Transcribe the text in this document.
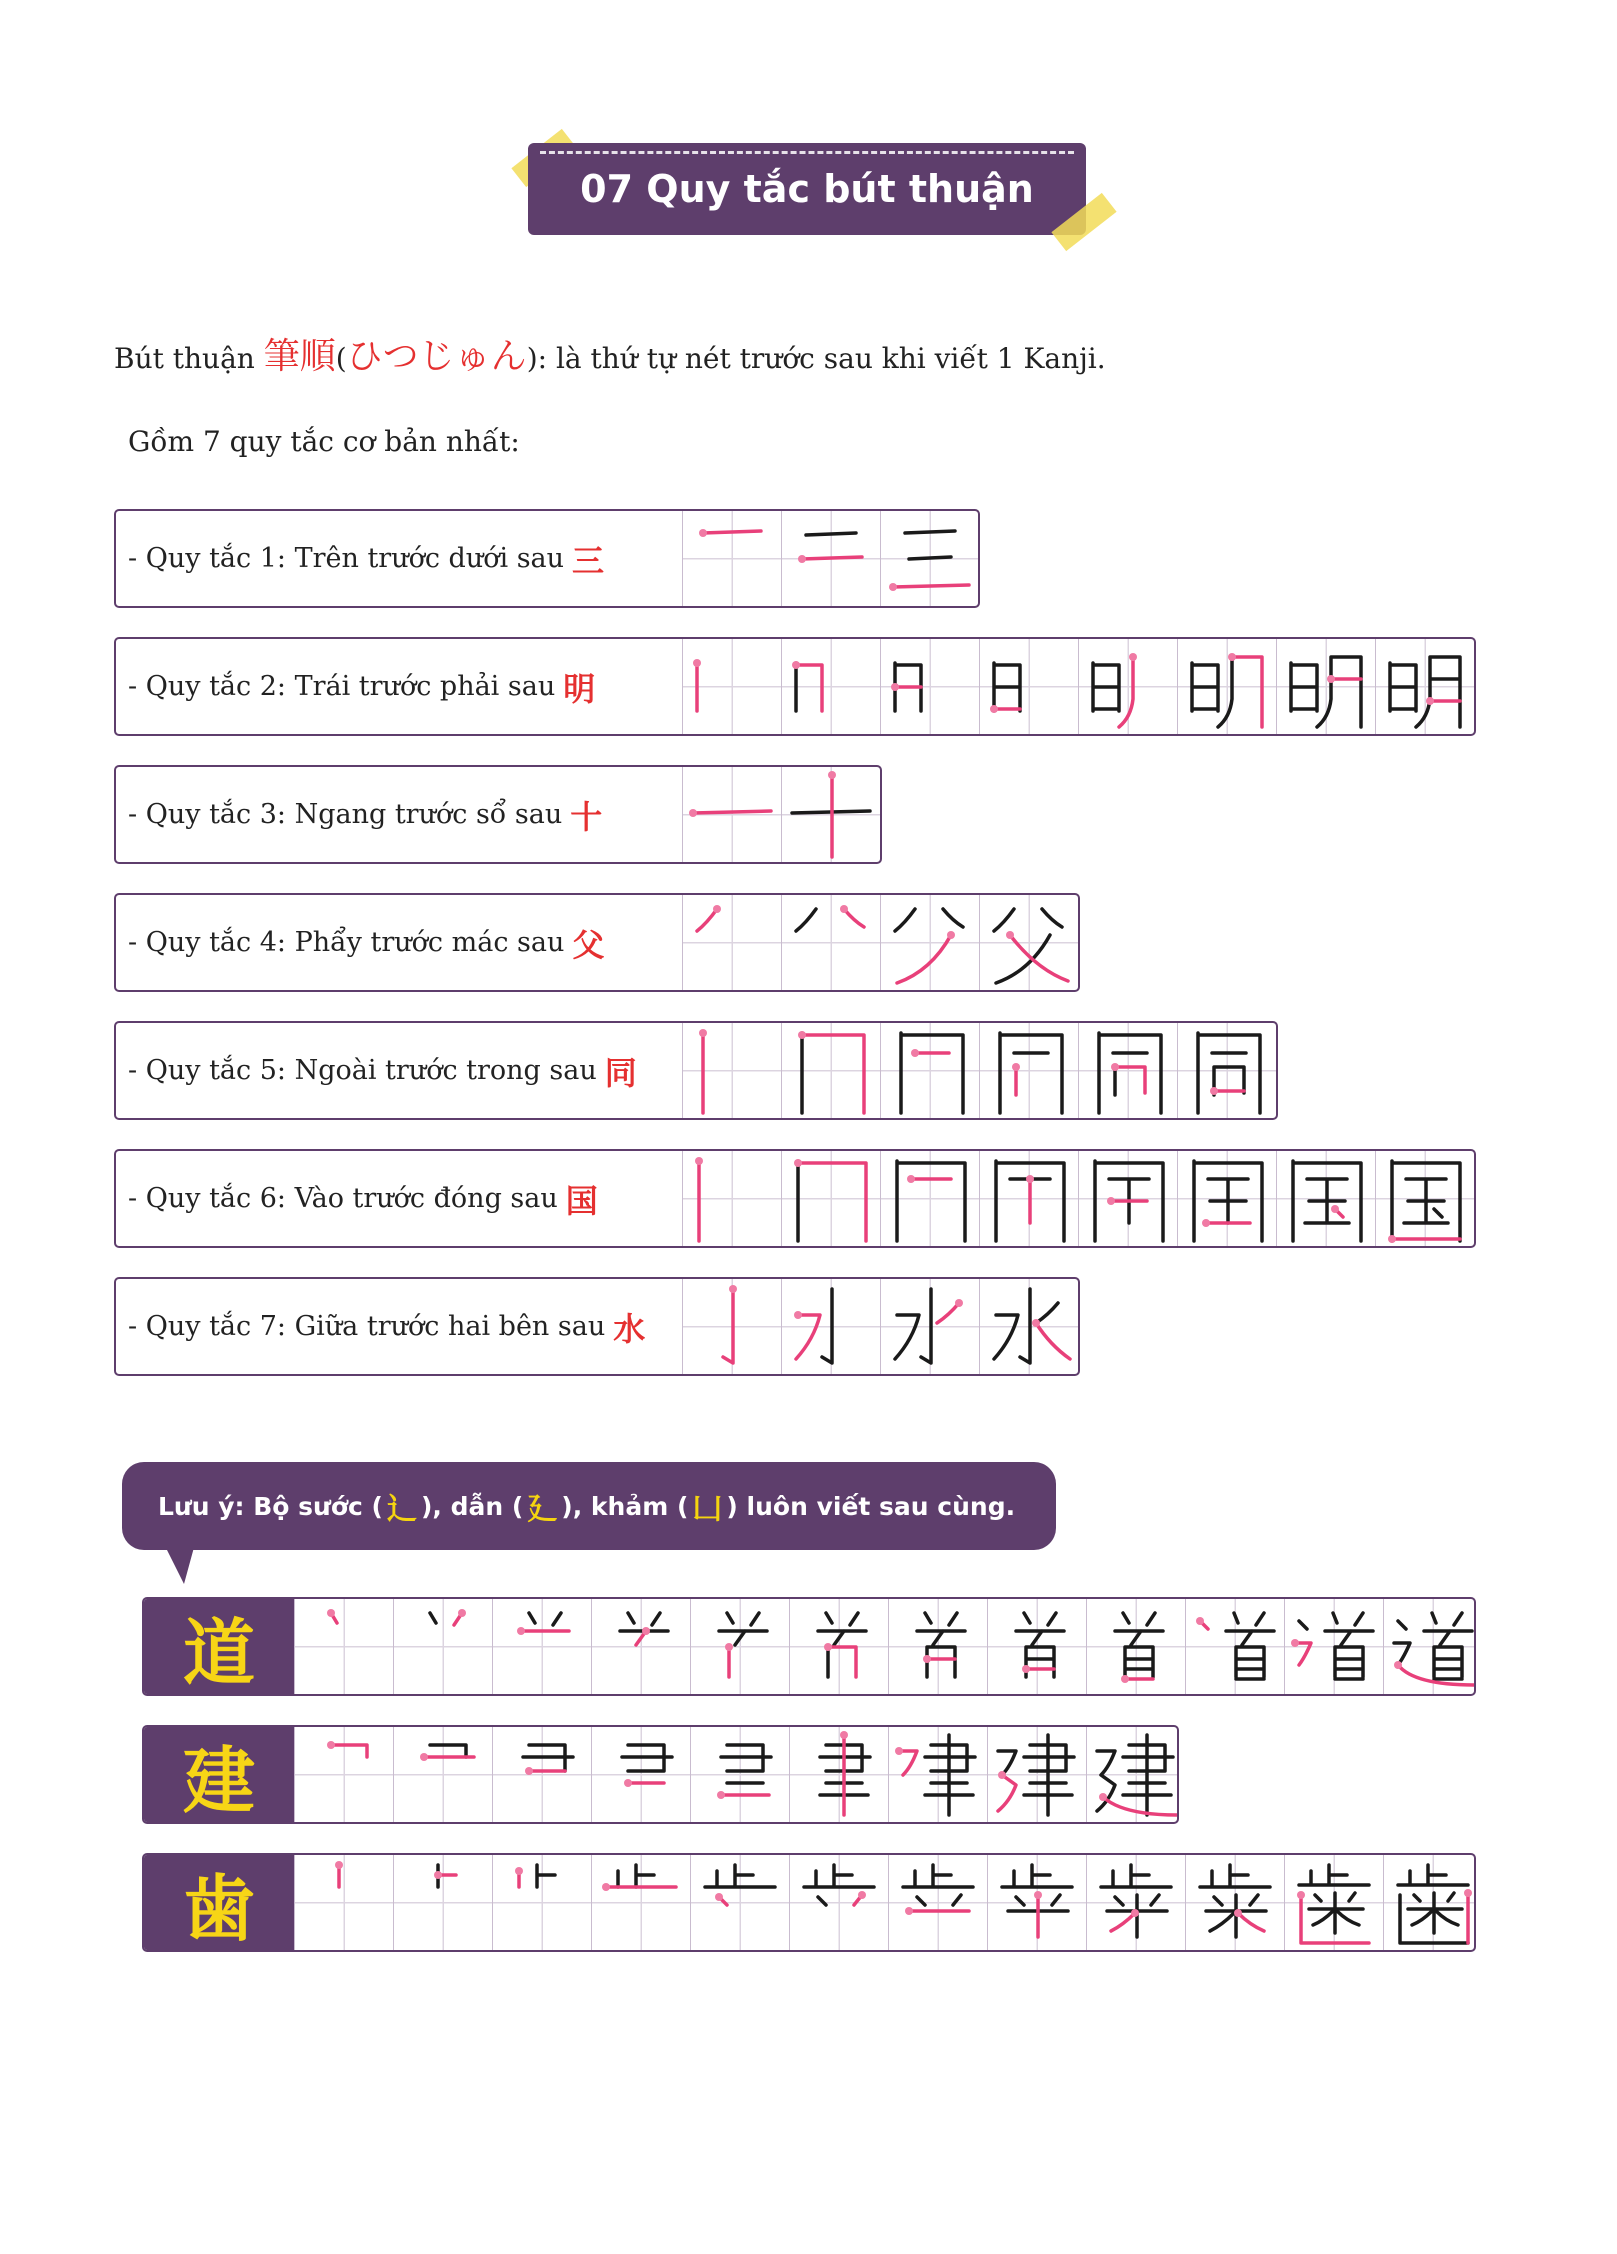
07 Quy tắc bút thuận
Bút thuận 筆順(ひつじゅん): là thứ tự nét trước sau khi viết 1 Kanji.
Gồm 7 quy tắc cơ bản nhất:
- Quy tắc 1: Trên trước dưới sau 三
- Quy tắc 2: Trái trước phải sau 明
- Quy tắc 3: Ngang trước sổ sau 十
- Quy tắc 4: Phẩy trước mác sau 父
- Quy tắc 5: Ngoài trước trong sau 同
- Quy tắc 6: Vào trước đóng sau 国
- Quy tắc 7: Giữa trước hai bên sau 水
Lưu ý: Bộ sước ( 辶 ), dẫn ( 廴 ), khảm ( 凵 ) luôn viết sau cùng.
道
建
歯
